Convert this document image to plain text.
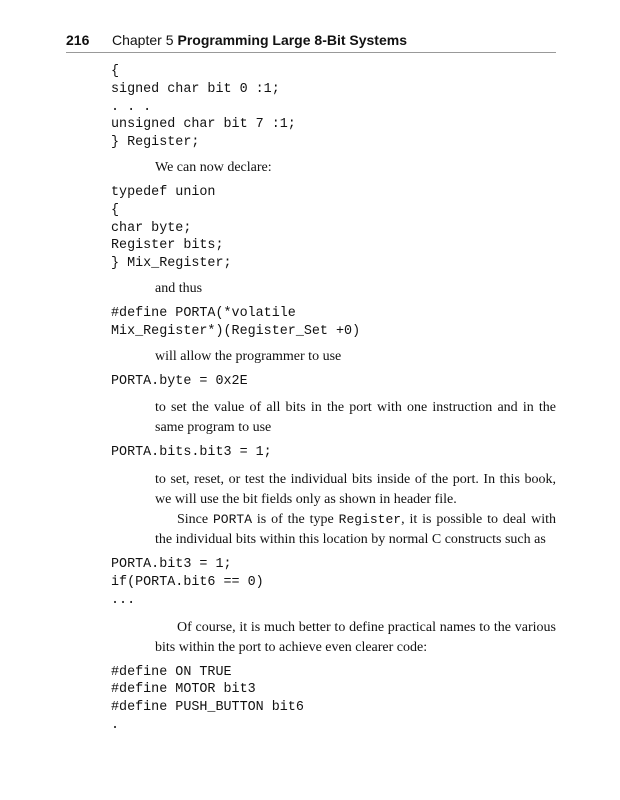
216 Chapter 5 Programming Large 8-Bit Systems
{
signed char bit 0 :1;
. . .
unsigned char bit 7 :1;
} Register;

We can now declare:

typedef union
{
char byte;
Register bits;
} Mix_Register;

and thus

#define PORTA(*volatile
Mix_Register*)(Register_Set +0)

will allow the programmer to use

PORTA.byte = 0x2E

to set the value of all bits in the port with one instruction and in the same program to use

PORTA.bits.bit3 = 1;

to set, reset, or test the individual bits inside of the port. In this book, we will use the bit fields only as shown in header file.

Since PORTA is of the type Register, it is possible to deal with the individual bits within this location by normal C constructs such as

PORTA.bit3 = 1;
if(PORTA.bit6 == 0)
...

Of course, it is much better to define practical names to the various bits within the port to achieve even clearer code:

#define ON TRUE
#define MOTOR bit3
#define PUSH_BUTTON bit6
.
